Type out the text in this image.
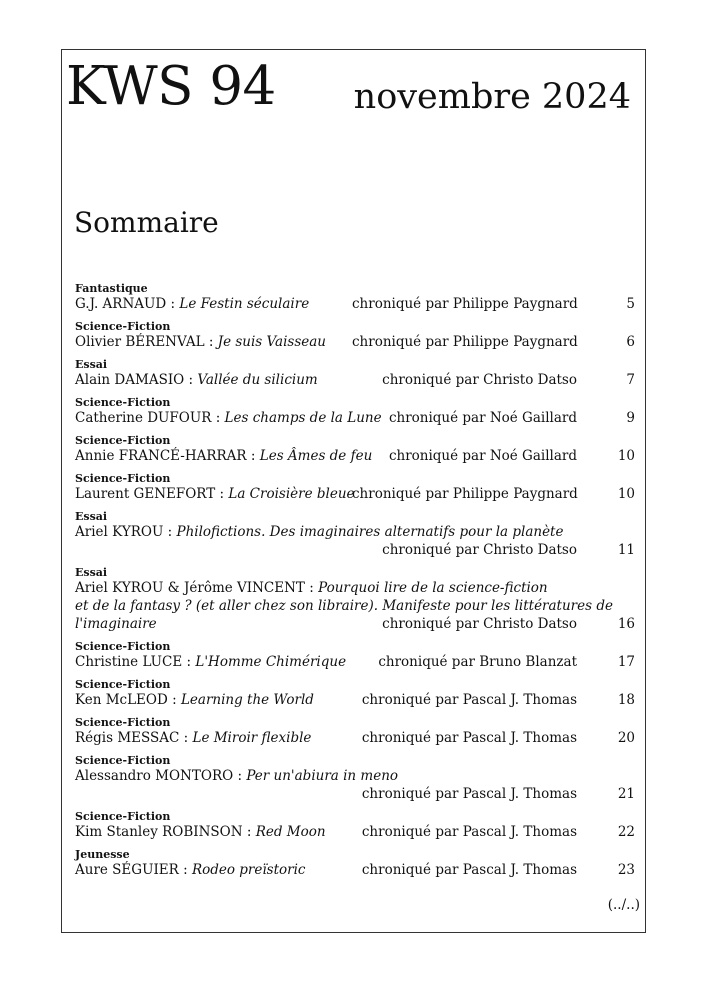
KWS 94 novembre 2024
Sommaire
Fantastique
G.J. ARNAUD : Le Festin séculaire	chroniqué par Philippe Paygnard	5
Science-Fiction
Olivier BÉRENVAL : Je suis Vaisseau	chroniqué par Philippe Paygnard	6
Essai
Alain DAMASIO : Vallée du silicium	chroniqué par Christo Datso	7
Science-Fiction
Catherine DUFOUR : Les champs de la Lune chroniqué par Noé Gaillard	9
Science-Fiction
Annie FRANCÉ-HARRAR : Les Âmes de feu	chroniqué par Noé Gaillard	10
Science-Fiction
Laurent GENEFORT : La Croisière bleue
chroniqué par Philippe Paygnard	10
Essai
Ariel KYROU : Philofictions. Des imaginaires alternatifs pour la planète
chroniqué par Christo Datso	11
Essai
Ariel KYROU & Jérôme VINCENT : Pourquoi lire de la science-fiction
et de la fantasy ? (et aller chez son libraire). Manifeste pour les littératures de
l'imaginaire	chroniqué par Christo Datso	16
Science-Fiction
Christine LUCE : L'Homme Chimérique	chroniqué par Bruno Blanzat	17
Science-Fiction
Ken McLEOD : Learning the World	chroniqué par Pascal J. Thomas	18
Science-Fiction
Régis MESSAC : Le Miroir flexible	chroniqué par Pascal J. Thomas	20
Science-Fiction
Alessandro MONTORO : Per un'abiura in meno
chroniqué par Pascal J. Thomas	21
Science-Fiction
Kim Stanley ROBINSON : Red Moon	chroniqué par Pascal J. Thomas	22
Jeunesse
Aure SÉGUIER : Rodeo preïstoric	chroniqué par Pascal J. Thomas	23
(../..)
